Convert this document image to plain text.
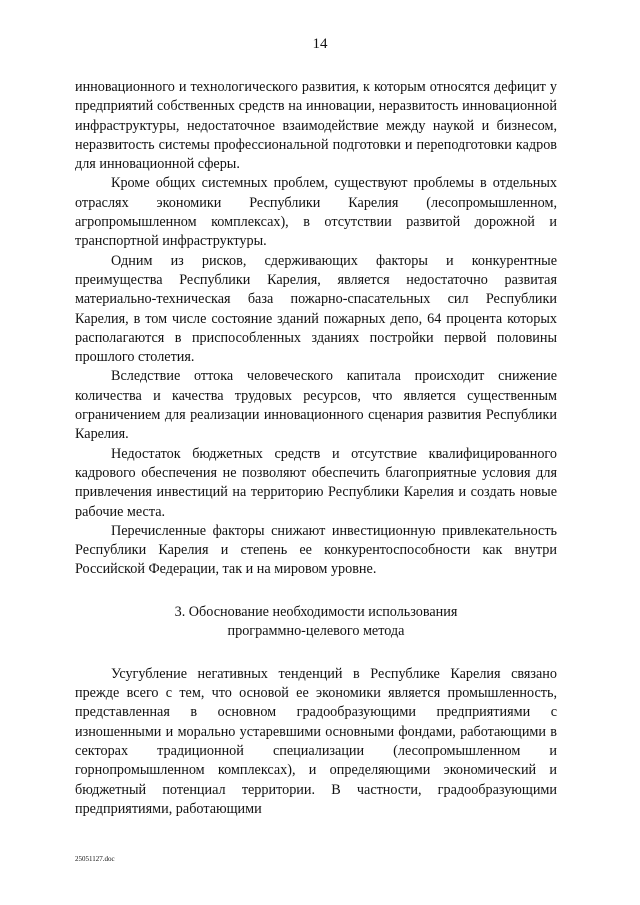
14

инновационного и технологического развития, к которым относятся дефицит у предприятий собственных средств на инновации, неразвитость инновационной инфраструктуры, недостаточное взаимодействие между наукой и бизнесом, неразвитость системы профессиональной подготовки и переподготовки кадров для инновационной сферы.

Кроме общих системных проблем, существуют проблемы в отдельных отраслях экономики Республики Карелия (лесопромышленном, агропромышленном комплексах), в отсутствии развитой дорожной и транспортной инфраструктуры.

Одним из рисков, сдерживающих факторы и конкурентные преимущества Республики Карелия, является недостаточно развитая материально-техническая база пожарно-спасательных сил Республики Карелия, в том числе состояние зданий пожарных депо, 64 процента которых располагаются в приспособленных зданиях постройки первой половины прошлого столетия.

Вследствие оттока человеческого капитала происходит снижение количества и качества трудовых ресурсов, что является существенным ограничением для реализации инновационного сценария развития Республики Карелия.

Недостаток бюджетных средств и отсутствие квалифицированного кадрового обеспечения не позволяют обеспечить благоприятные условия для привлечения инвестиций на территорию Республики Карелия и создать новые рабочие места.

Перечисленные факторы снижают инвестиционную привлекательность Республики Карелия и степень ее конкурентоспособности как внутри Российской Федерации, так и на мировом уровне.

3. Обоснование необходимости использования
программно-целевого метода

Усугубление негативных тенденций в Республике Карелия связано прежде всего с тем, что основой ее экономики является промышленность, представленная в основном градообразующими предприятиями с изношенными и морально устаревшими основными фондами, работающими в секторах традиционной специализации (лесопромышленном и горнопромышленном комплексах), и определяющими экономический и бюджетный потенциал территории. В частности, градообразующими предприятиями, работающими

25051127.doc
